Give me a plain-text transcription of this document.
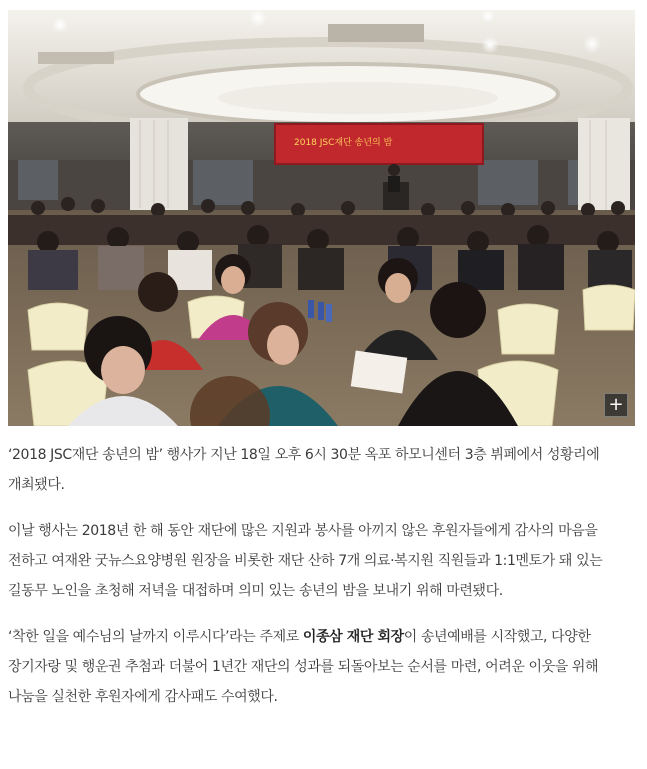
2018 JSC재단 송년의 밤
+

‘2018 JSC재단 송년의 밤’ 행사가 지난 18일 오후 6시 30분 옥포 하모니센터 3층 뷔페에서 성황리에 개최됐다.

이날 행사는 2018년 한 해 동안 재단에 많은 지원과 봉사를 아끼지 않은 후원자들에게 감사의 마음을 전하고 여재완 굿뉴스요양병원 원장을 비롯한 재단 산하 7개 의료·복지원 직원들과 1:1멘토가 돼 있는 길동무 노인을 초청해 저녁을 대접하며 의미 있는 송년의 밤을 보내기 위해 마련됐다.

‘착한 일을 예수님의 날까지 이루시다’라는 주제로 이종삼 재단 회장이 송년예배를 시작했고, 다양한 장기자랑 및 행운권 추첨과 더불어 1년간 재단의 성과를 되돌아보는 순서를 마련, 어려운 이웃을 위해 나눔을 실천한 후원자에게 감사패도 수여했다.
